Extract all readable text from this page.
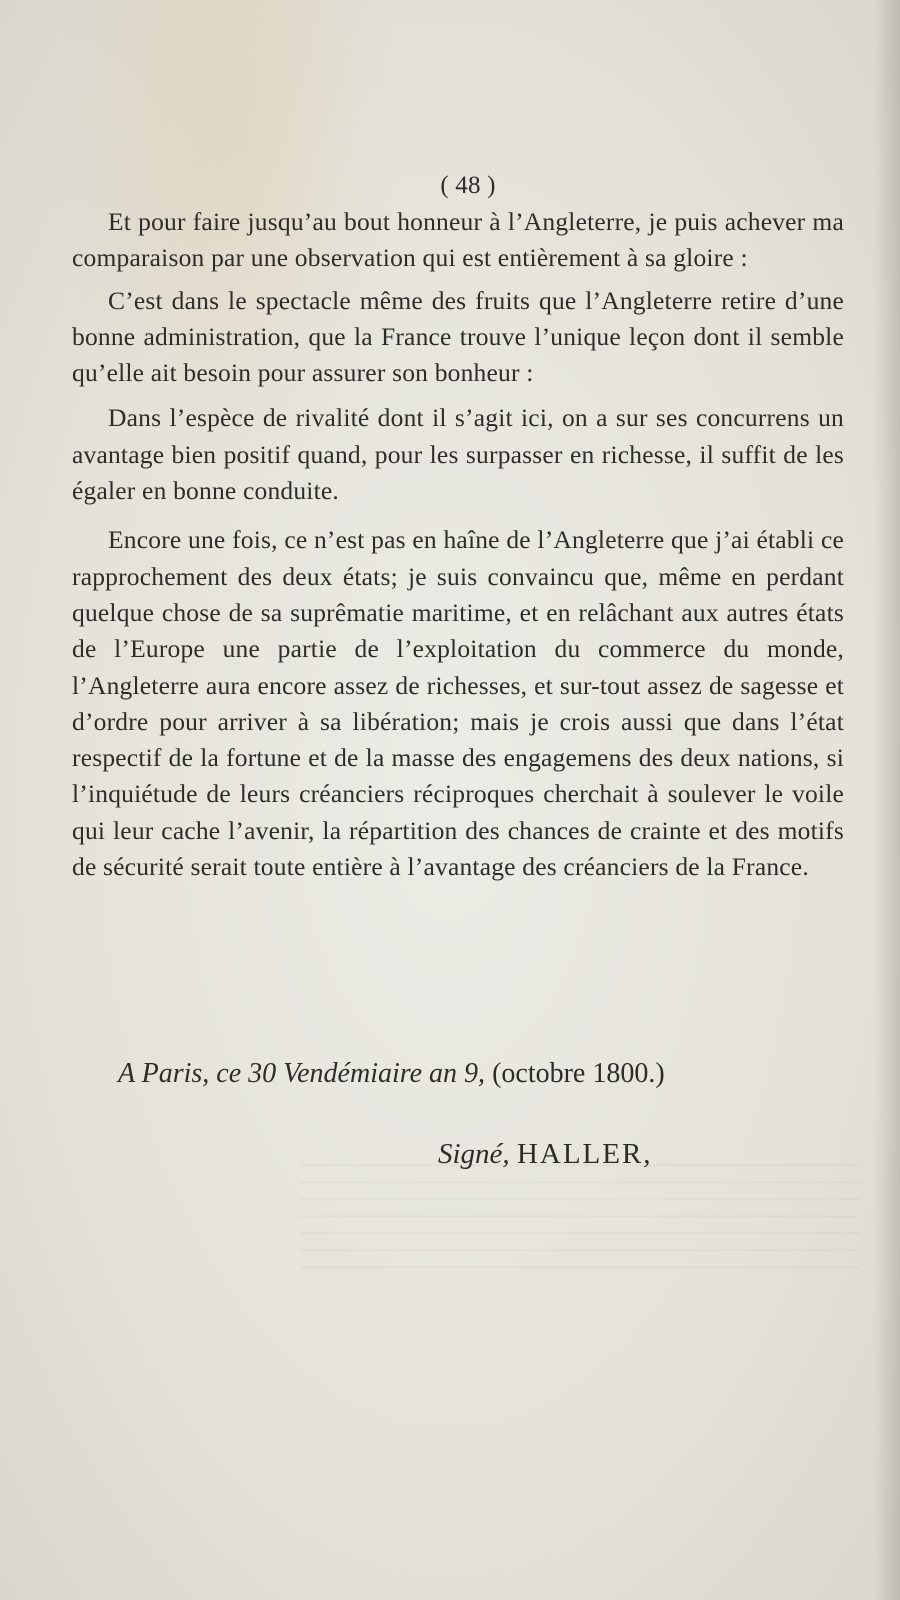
( 48 )

Et pour faire jusqu’au bout honneur à l’Angleterre, je puis achever ma comparaison par une observation qui est entièrement à sa gloire :

C’est dans le spectacle même des fruits que l’Angleterre retire d’une bonne administration, que la France trouve l’unique leçon dont il semble qu’elle ait besoin pour assurer son bonheur :

Dans l’espèce de rivalité dont il s’agit ici, on a sur ses concurrens un avantage bien positif quand, pour les surpasser en richesse, il suffit de les égaler en bonne conduite.

Encore une fois, ce n’est pas en haîne de l’Angleterre que j’ai établi ce rapprochement des deux états; je suis convaincu que, même en perdant quelque chose de sa suprêmatie maritime, et en relâchant aux autres états de l’Europe une partie de l’exploitation du commerce du monde, l’Angleterre aura encore assez de richesses, et sur-tout assez de sagesse et d’ordre pour arriver à sa libération; mais je crois aussi que dans l’état respectif de la fortune et de la masse des engagemens des deux nations, si l’inquiétude de leurs créanciers réciproques cherchait à soulever le voile qui leur cache l’avenir, la répartition des chances de crainte et des motifs de sécurité serait toute entière à l’avantage des créanciers de la France.

A Paris, ce 30 Vendémiaire an 9, (octobre 1800.)
Signé, HALLER,
